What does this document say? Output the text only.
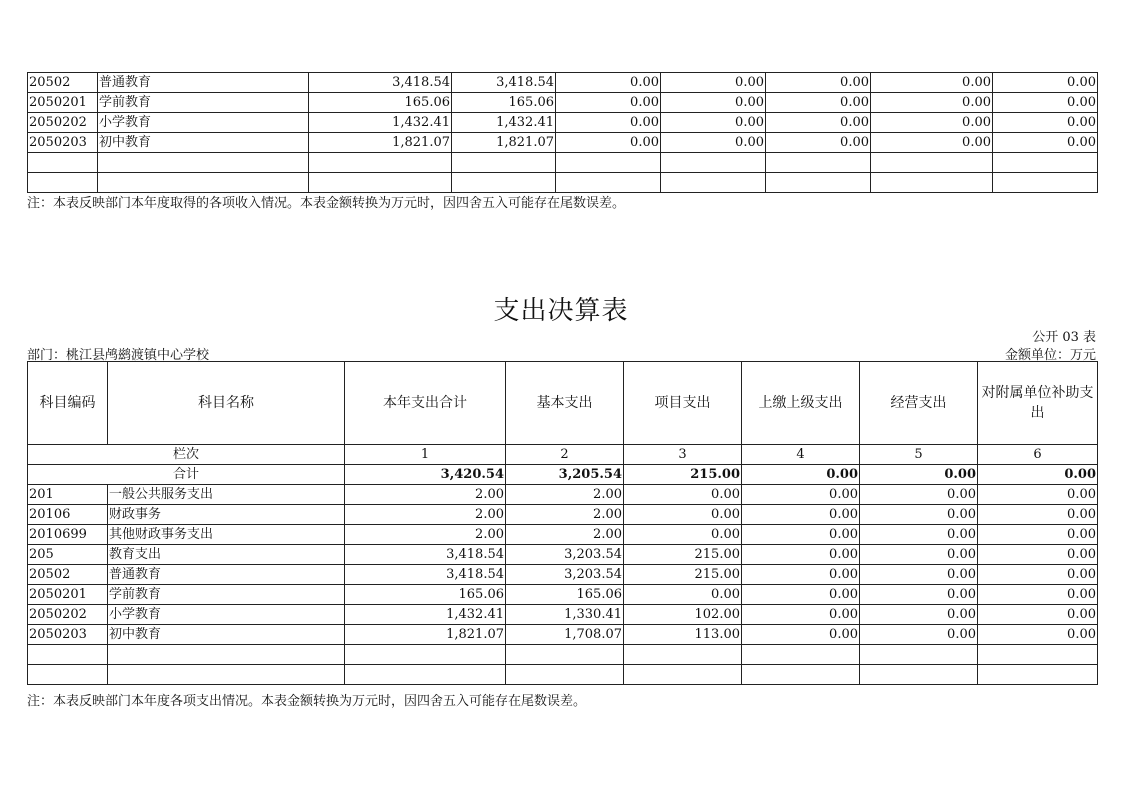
20502	普通教育	3,418.54	3,418.54	0.00	0.00	0.00	0.00	0.00
2050201	学前教育	165.06	165.06	0.00	0.00	0.00	0.00	0.00
2050202	小学教育	1,432.41	1,432.41	0.00	0.00	0.00	0.00	0.00
2050203	初中教育	1,821.07	1,821.07	0.00	0.00	0.00	0.00	0.00

注：本表反映部门本年度取得的各项收入情况。本表金额转换为万元时，因四舍五入可能存在尾数误差。
支出决算表
公开 03 表
部门：桃江县鸬鹚渡镇中心学校	金额单位：万元
科目编码	科目名称	本年支出合计	基本支出	项目支出	上缴上级支出	经营支出	对附属单位补助支出
栏次		1	2	3	4	5	6
合计		3,420.54	3,205.54	215.00	0.00	0.00	0.00
201	一般公共服务支出	2.00	2.00	0.00	0.00	0.00	0.00
20106	财政事务	2.00	2.00	0.00	0.00	0.00	0.00
2010699	其他财政事务支出	2.00	2.00	0.00	0.00	0.00	0.00
205	教育支出	3,418.54	3,203.54	215.00	0.00	0.00	0.00
20502	普通教育	3,418.54	3,203.54	215.00	0.00	0.00	0.00
2050201	学前教育	165.06	165.06	0.00	0.00	0.00	0.00
2050202	小学教育	1,432.41	1,330.41	102.00	0.00	0.00	0.00
2050203	初中教育	1,821.07	1,708.07	113.00	0.00	0.00	0.00

注：本表反映部门本年度各项支出情况。本表金额转换为万元时，因四舍五入可能存在尾数误差。
